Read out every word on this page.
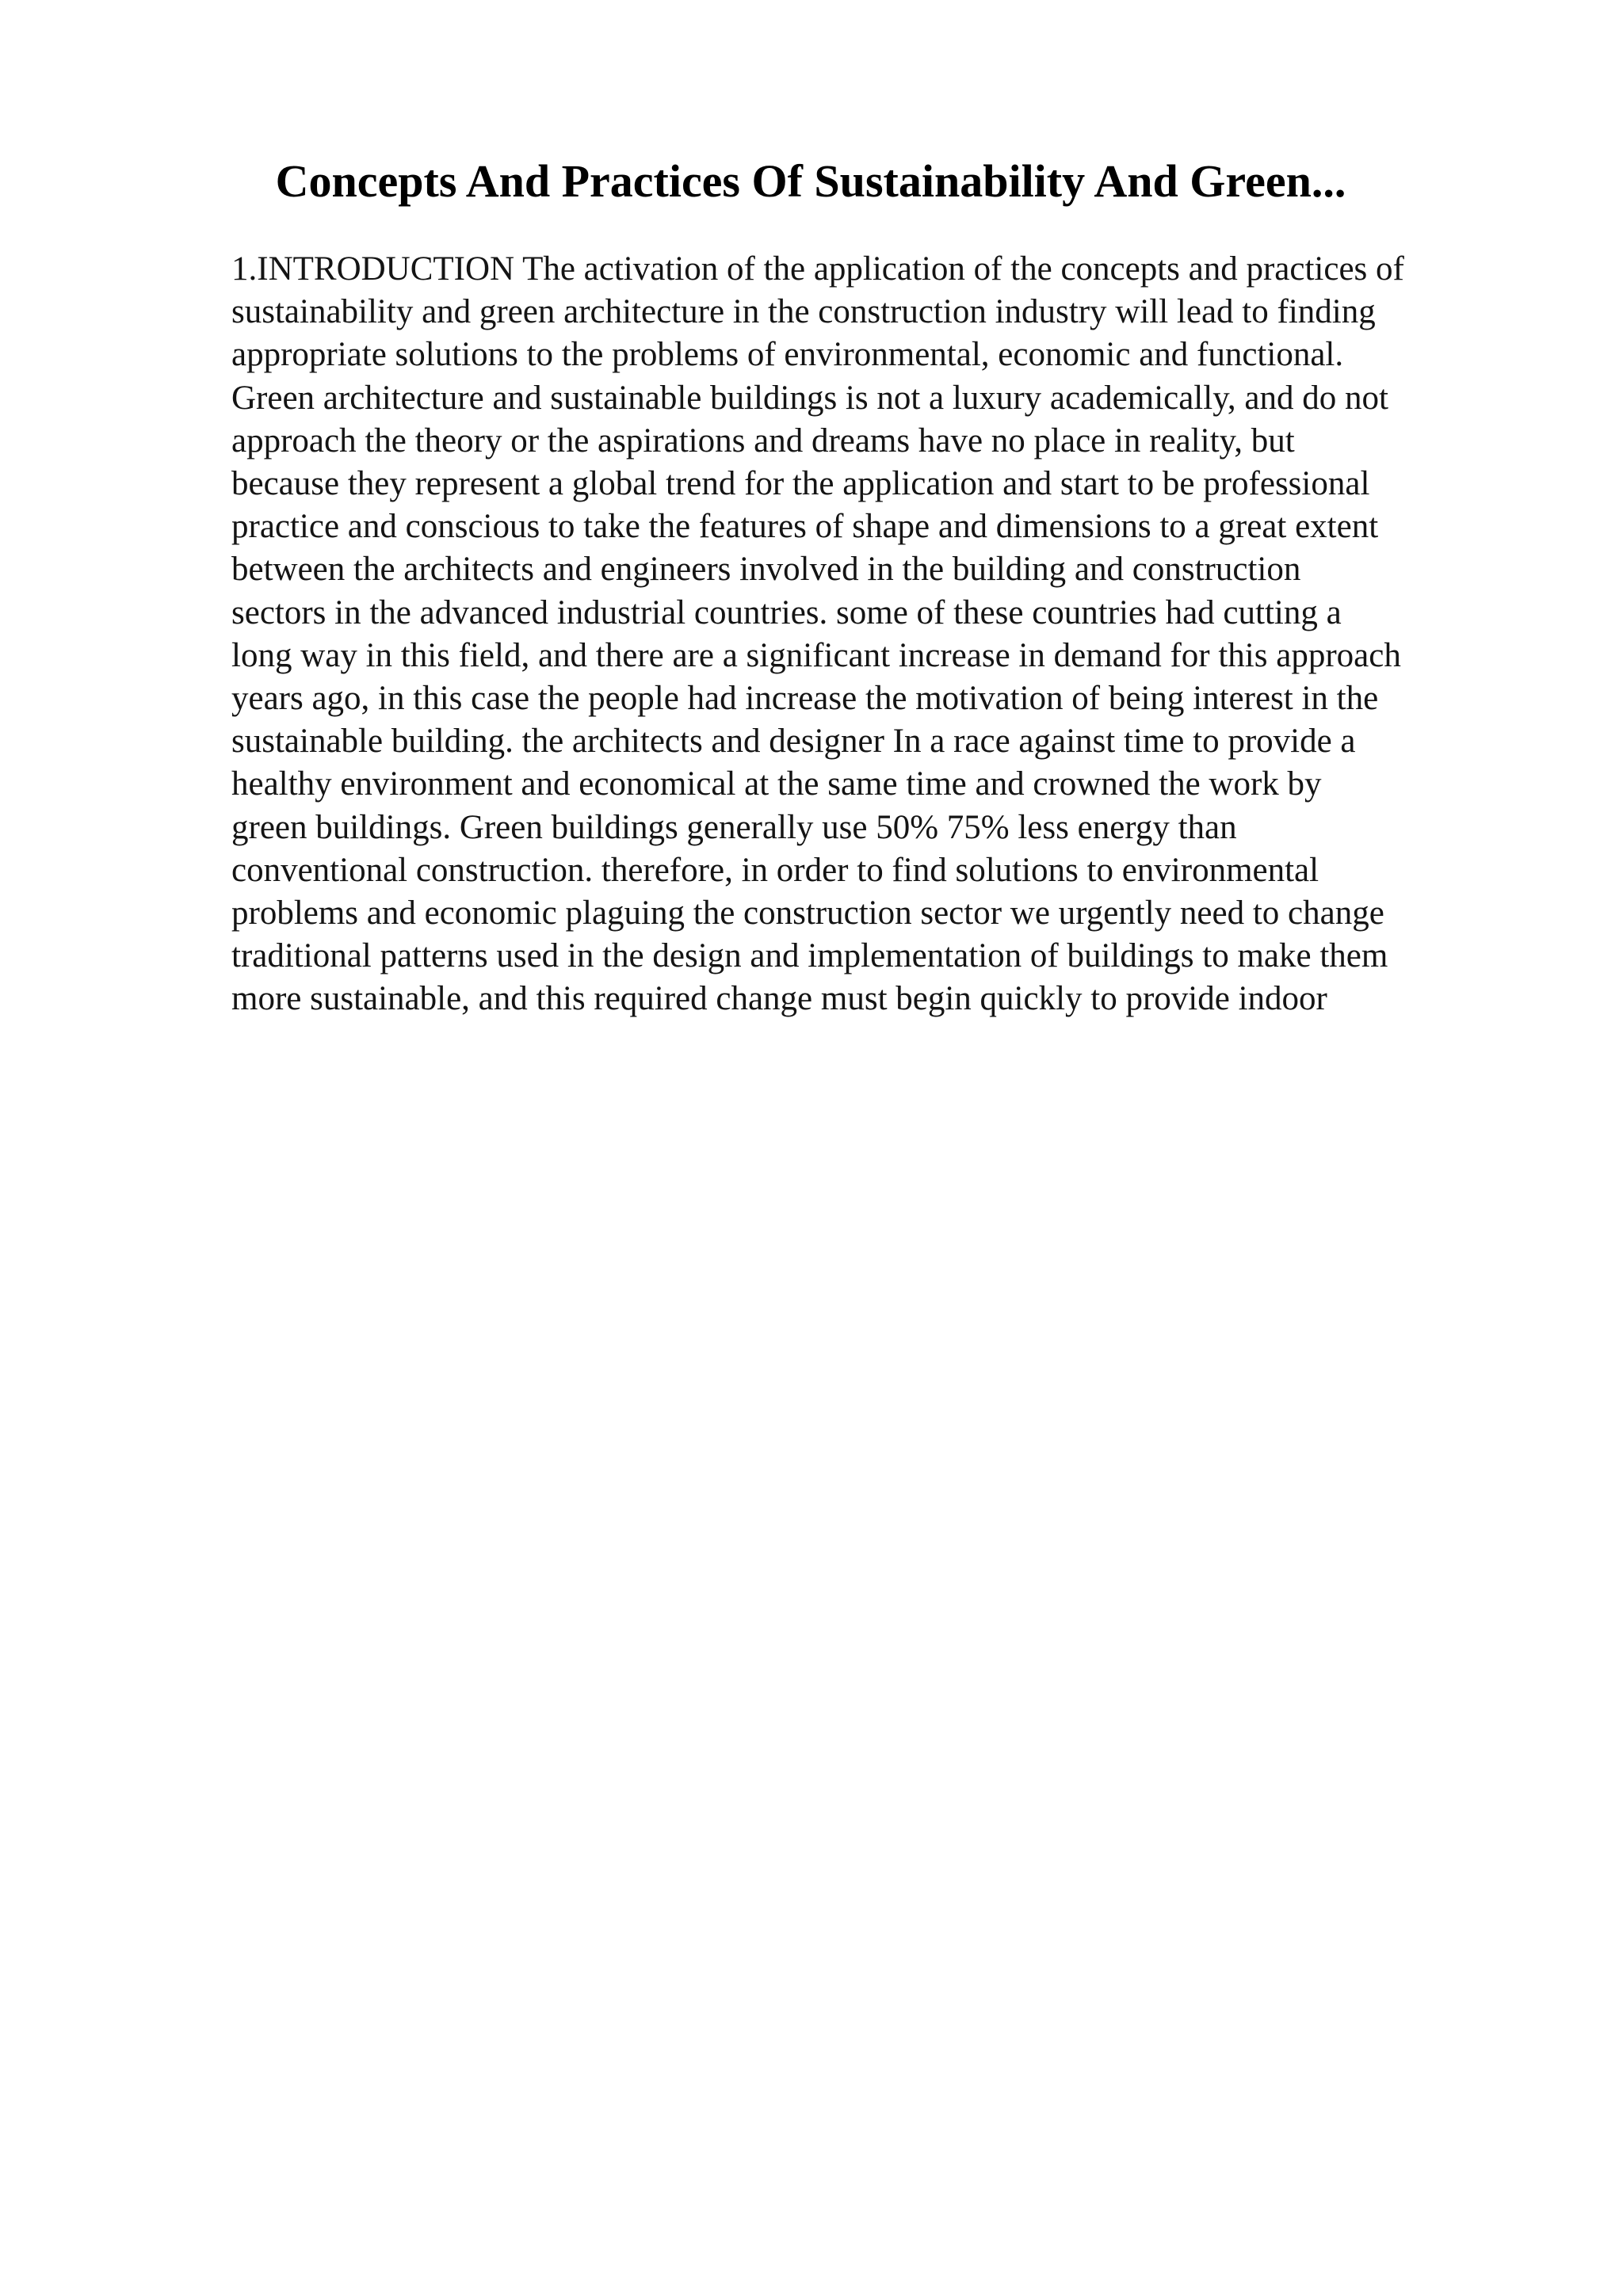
Concepts And Practices Of Sustainability And Green...
1.INTRODUCTION The activation of the application of the concepts and practices of
sustainability and green architecture in the construction industry will lead to finding
appropriate solutions to the problems of environmental, economic and functional.
Green architecture and sustainable buildings is not a luxury academically, and do not
approach the theory or the aspirations and dreams have no place in reality, but
because they represent a global trend for the application and start to be professional
practice and conscious to take the features of shape and dimensions to a great extent
between the architects and engineers involved in the building and construction
sectors in the advanced industrial countries. some of these countries had cutting a
long way in this field, and there are a significant increase in demand for this approach
years ago, in this case the people had increase the motivation of being interest in the
sustainable building. the architects and designer In a race against time to provide a
healthy environment and economical at the same time and crowned the work by
green buildings. Green buildings generally use 50% 75% less energy than
conventional construction. therefore, in order to find solutions to environmental
problems and economic plaguing the construction sector we urgently need to change
traditional patterns used in the design and implementation of buildings to make them
more sustainable, and this required change must begin quickly to provide indoor
